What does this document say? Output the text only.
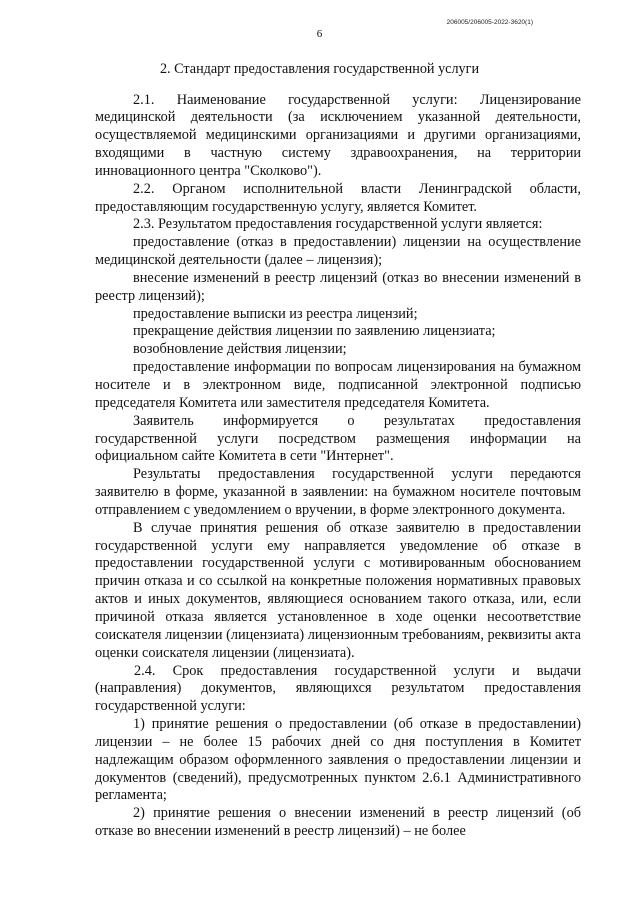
206005/206005-2022-3620(1)
6
2. Стандарт предоставления государственной услуги

2.1. Наименование государственной услуги: Лицензирование медицинской деятельности (за исключением указанной деятельности, осуществляемой медицинскими организациями и другими организациями, входящими в частную систему здравоохранения, на территории инновационного центра "Сколково").

2.2. Органом исполнительной власти Ленинградской области, предоставляющим государственную услугу, является Комитет.

2.3. Результатом предоставления государственной услуги является:

предоставление (отказ в предоставлении) лицензии на осуществление медицинской деятельности (далее – лицензия);

внесение изменений в реестр лицензий (отказ во внесении изменений в реестр лицензий);

предоставление выписки из реестра лицензий;

прекращение действия лицензии по заявлению лицензиата;

возобновление действия лицензии;

предоставление информации по вопросам лицензирования на бумажном носителе и в электронном виде, подписанной электронной подписью председателя Комитета или заместителя председателя Комитета.

Заявитель информируется о результатах предоставления государственной услуги посредством размещения информации на официальном сайте Комитета в сети "Интернет".

Результаты предоставления государственной услуги передаются заявителю в форме, указанной в заявлении: на бумажном носителе почтовым отправлением с уведомлением о вручении, в форме электронного документа.

В случае принятия решения об отказе заявителю в предоставлении государственной услуги ему направляется уведомление об отказе в предоставлении государственной услуги с мотивированным обоснованием причин отказа и со ссылкой на конкретные положения нормативных правовых актов и иных документов, являющиеся основанием такого отказа, или, если причиной отказа является установленное в ходе оценки несоответствие соискателя лицензии (лицензиата) лицензионным требованиям, реквизиты акта оценки соискателя лицензии (лицензиата).

2.4. Срок предоставления государственной услуги и выдачи (направления) документов, являющихся результатом предоставления государственной услуги:

1) принятие решения о предоставлении (об отказе в предоставлении) лицензии – не более 15 рабочих дней со дня поступления в Комитет надлежащим образом оформленного заявления о предоставлении лицензии и документов (сведений), предусмотренных пунктом 2.6.1 Административного регламента;

2) принятие решения о внесении изменений в реестр лицензий (об отказе во внесении изменений в реестр лицензий) – не более
